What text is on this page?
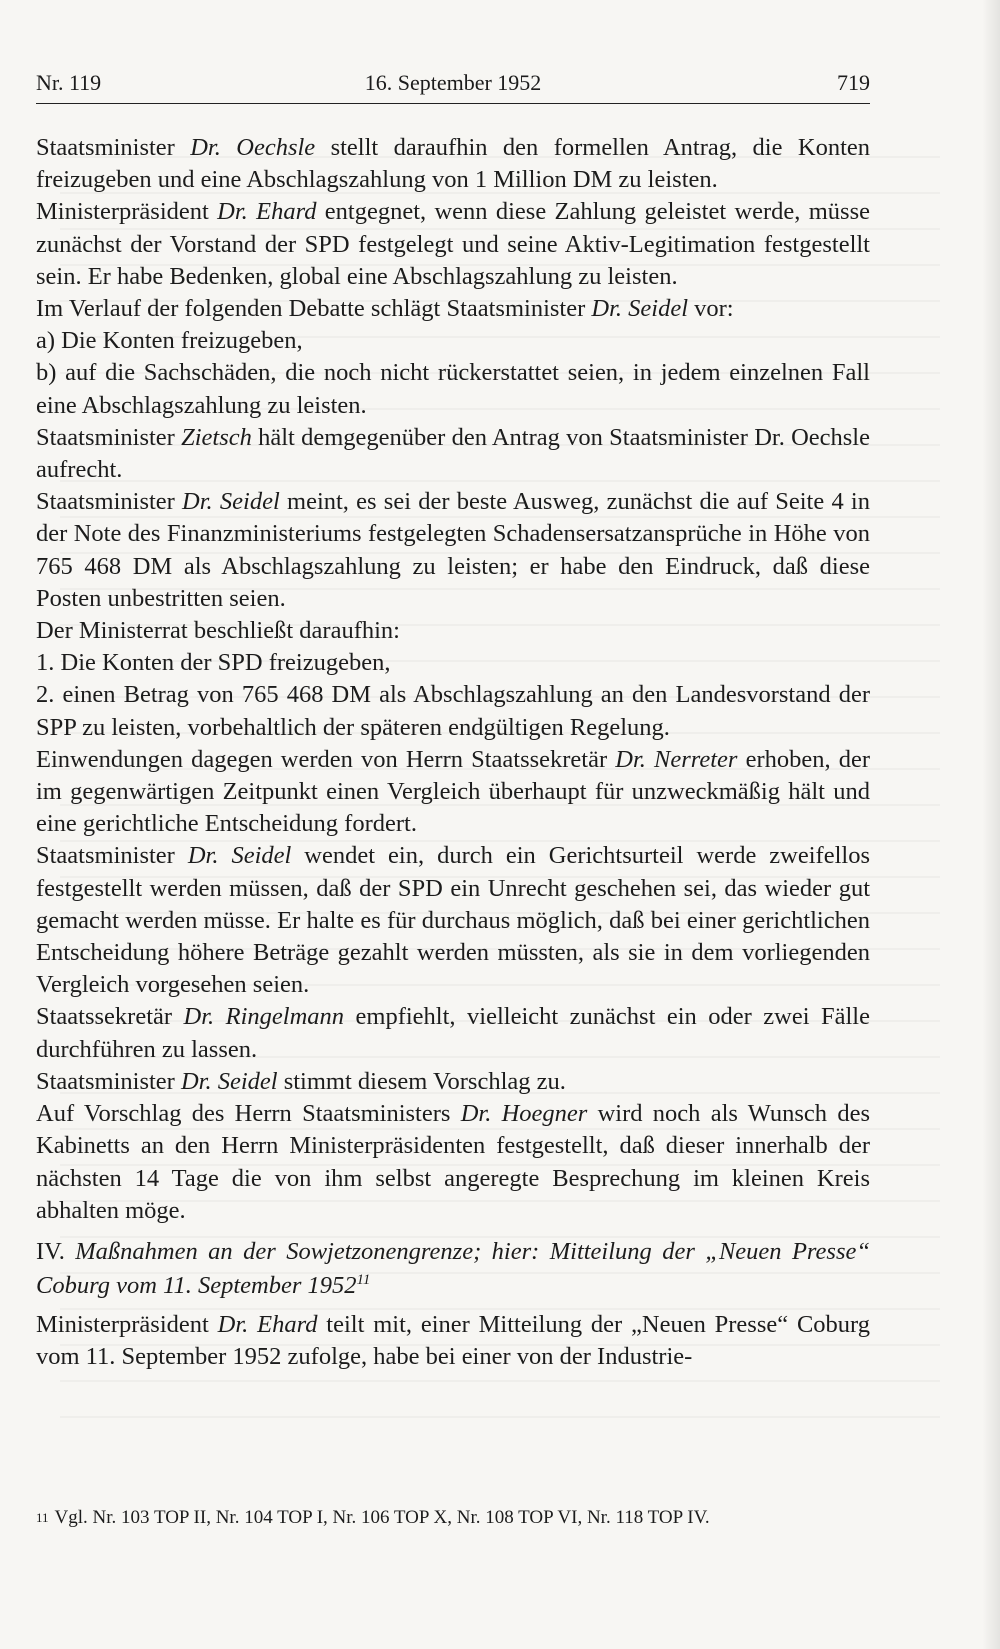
Nr. 119	16. September 1952	719

Staatsminister Dr. Oechsle stellt daraufhin den formellen Antrag, die Konten freizugeben und eine Abschlagszahlung von 1 Million DM zu leisten.

Ministerpräsident Dr. Ehard entgegnet, wenn diese Zahlung geleistet werde, müsse zunächst der Vorstand der SPD festgelegt und seine Aktiv-Legitimation festgestellt sein. Er habe Bedenken, global eine Abschlagszahlung zu leisten.

Im Verlauf der folgenden Debatte schlägt Staatsminister Dr. Seidel vor:

a) Die Konten freizugeben,

b) auf die Sachschäden, die noch nicht rückerstattet seien, in jedem einzelnen Fall eine Abschlagszahlung zu leisten.

Staatsminister Zietsch hält demgegenüber den Antrag von Staatsminister Dr. Oechsle aufrecht.

Staatsminister Dr. Seidel meint, es sei der beste Ausweg, zunächst die auf Seite 4 in der Note des Finanzministeriums festgelegten Schadensersatzansprüche in Höhe von 765 468 DM als Abschlagszahlung zu leisten; er habe den Eindruck, daß diese Posten unbestritten seien.

Der Ministerrat beschließt daraufhin:

1. Die Konten der SPD freizugeben,

2. einen Betrag von 765 468 DM als Abschlagszahlung an den Landesvorstand der SPP zu leisten, vorbehaltlich der späteren endgültigen Regelung.

Einwendungen dagegen werden von Herrn Staatssekretär Dr. Nerreter erhoben, der im gegenwärtigen Zeitpunkt einen Vergleich überhaupt für unzweckmäßig hält und eine gerichtliche Entscheidung fordert.

Staatsminister Dr. Seidel wendet ein, durch ein Gerichtsurteil werde zweifellos festgestellt werden müssen, daß der SPD ein Unrecht geschehen sei, das wieder gut gemacht werden müsse. Er halte es für durchaus möglich, daß bei einer gerichtlichen Entscheidung höhere Beträge gezahlt werden müssten, als sie in dem vorliegenden Vergleich vorgesehen seien.

Staatssekretär Dr. Ringelmann empfiehlt, vielleicht zunächst ein oder zwei Fälle durchführen zu lassen.

Staatsminister Dr. Seidel stimmt diesem Vorschlag zu.

Auf Vorschlag des Herrn Staatsministers Dr. Hoegner wird noch als Wunsch des Kabinetts an den Herrn Ministerpräsidenten festgestellt, daß dieser innerhalb der nächsten 14 Tage die von ihm selbst angeregte Besprechung im kleinen Kreis abhalten möge.

IV. Maßnahmen an der Sowjetzonengrenze; hier: Mitteilung der „Neuen Presse“ Coburg vom 11. September 1952$^{11}$

Ministerpräsident Dr. Ehard teilt mit, einer Mitteilung der „Neuen Presse“ Coburg vom 11. September 1952 zufolge, habe bei einer von der Industrie-

$^{11}$ Vgl. Nr. 103 TOP II, Nr. 104 TOP I, Nr. 106 TOP X, Nr. 108 TOP VI, Nr. 118 TOP IV.
